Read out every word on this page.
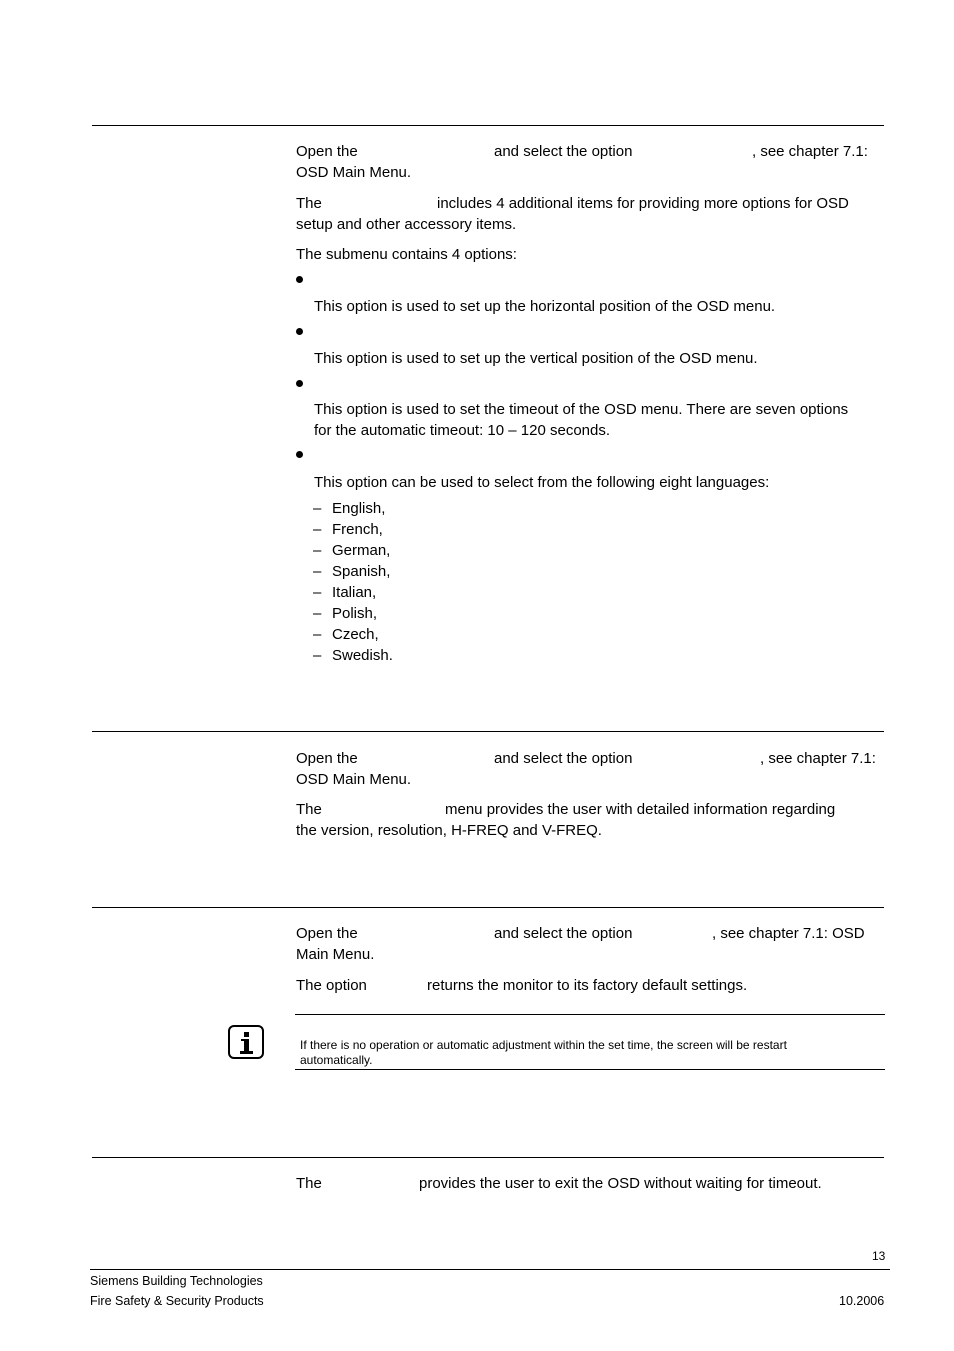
Open the	and select the option	, see chapter 7.1:
OSD Main Menu.
The	includes 4 additional items for providing more options for OSD
setup and other accessory items.
The submenu contains 4 options:
This option is used to set up the horizontal position of the OSD menu.
This option is used to set up the vertical position of the OSD menu.
This option is used to set the timeout of the OSD menu. There are seven options
for the automatic timeout: 10 – 120 seconds.
This option can be used to select from the following eight languages:
– English,
– French,
– German,
– Spanish,
– Italian,
– Polish,
– Czech,
– Swedish.
Open the	and select the option	, see chapter 7.1:
OSD Main Menu.
The	menu provides the user with detailed information regarding
the version, resolution, H-FREQ and V-FREQ.
Open the	and select the option	, see chapter 7.1: OSD
Main Menu.
The option	returns the monitor to its factory default settings.
If there is no operation or automatic adjustment within the set time, the screen will be restart
automatically.
The	provides the user to exit the OSD without waiting for timeout.
13
Siemens Building Technologies
Fire Safety & Security Products	10.2006
